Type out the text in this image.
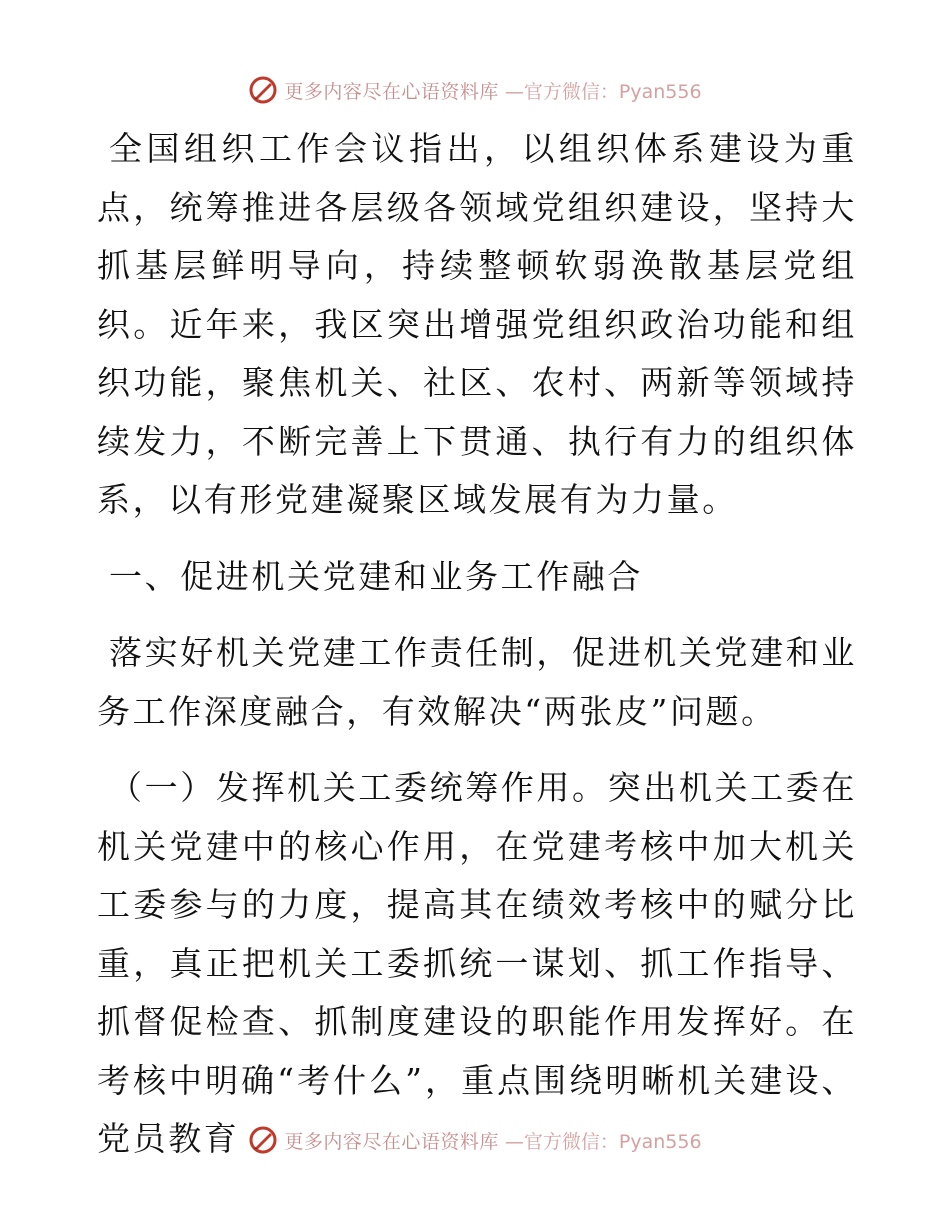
更多内容尽在心语资料库 —官方微信：Pyan556

全国组织工作会议指出，以组织体系建设为重点，统筹推进各层级各领域党组织建设，坚持大抓基层鲜明导向，持续整顿软弱涣散基层党组织。近年来，我区突出增强党组织政治功能和组织功能，聚焦机关、社区、农村、两新等领域持续发力，不断完善上下贯通、执行有力的组织体系，以有形党建凝聚区域发展有为力量。

一、促进机关党建和业务工作融合

落实好机关党建工作责任制，促进机关党建和业务工作深度融合，有效解决“两张皮”问题。

（一）发挥机关工委统筹作用。突出机关工委在机关党建中的核心作用，在党建考核中加大机关工委参与的力度，提高其在绩效考核中的赋分比重，真正把机关工委抓统一谋划、抓工作指导、抓督促检查、抓制度建设的职能作用发挥好。在考核中明确“考什么”，重点围绕明晰机关建设、党员教育	更多内容尽在心语资料库 —官方微信：Pyan556
